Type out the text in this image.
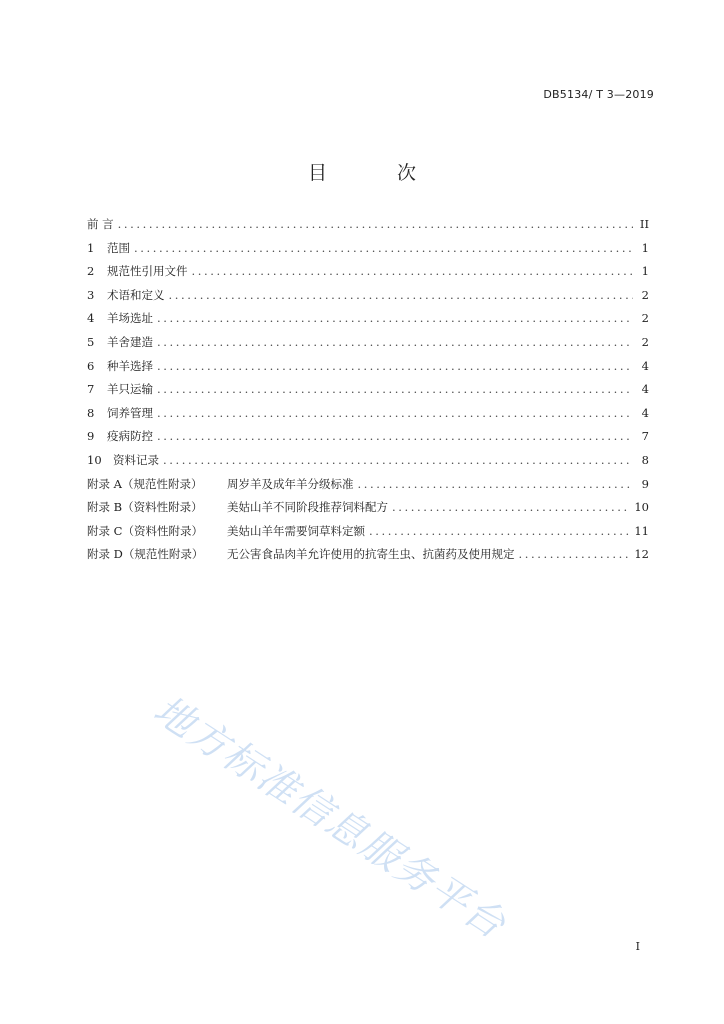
DB5134/ T 3—2019
目 次
前 言 .....	II
1	范围 .....	1
2	规范性引用文件 .....	1
3	术语和定义 .....	2
4	羊场选址 .....	2
5	羊舍建造 .....	2
6	种羊选择 .....	4
7	羊只运输 .....	4
8	饲养管理 .....	4
9	疫病防控 .....	7
10 资料记录 .....	8
附录 A（规范性附录）	周岁羊及成年羊分级标准 .....	9
附录 B（资料性附录）	美姑山羊不同阶段推荐饲料配方 .....	10
附录 C（资料性附录）	美姑山羊年需要饲草料定额 .....	11
附录 D（规范性附录）	无公害食品肉羊允许使用的抗寄生虫、抗菌药及使用规定 .....	12
地方标准信息服务平台	I
